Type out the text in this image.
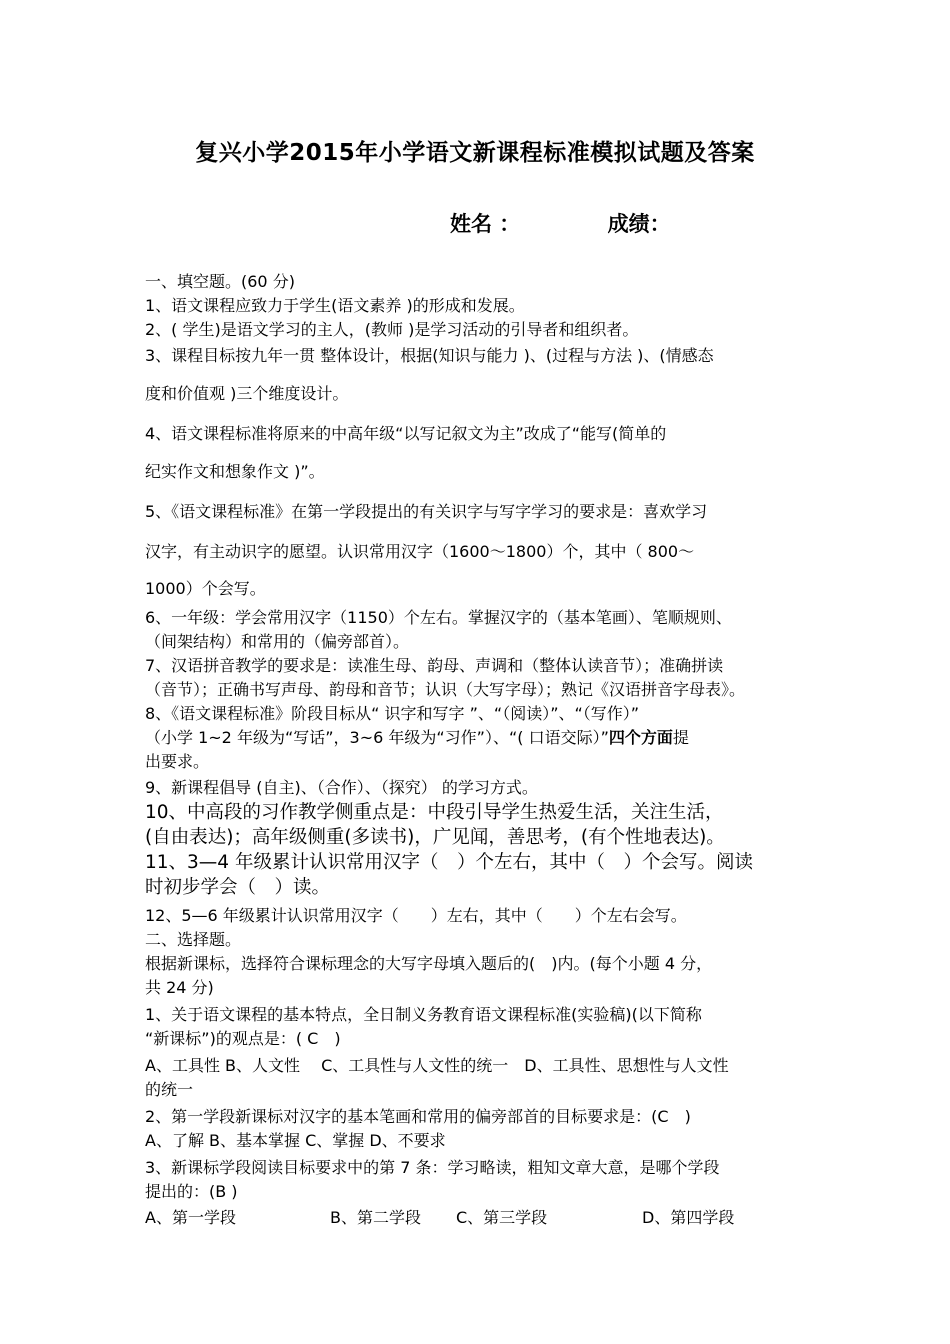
复兴小学2015年小学语文新课程标准模拟试题及答案
姓名 ：	成绩：
一、填空题。(60 分)
1、语文课程应致力于学生(语文素养 )的形成和发展。
2、( 学生)是语文学习的主人，(教师 )是学习活动的引导者和组织者。
3、课程目标按九年一贯 整体设计，根据(知识与能力 )、(过程与方法 )、(情感态
度和价值观 )三个维度设计。
4、语文课程标准将原来的中高年级“以写记叙文为主”改成了“能写(简单的
纪实作文和想象作文 )”。
5、《语文课程标准》在第一学段提出的有关识字与写字学习的要求是：喜欢学习
汉字，有主动识字的愿望。认识常用汉字（1600～1800）个，其中（ 800～
1000）个会写。
6、一年级：学会常用汉字（1150）个左右。掌握汉字的（基本笔画）、笔顺规则、
（间架结构）和常用的（偏旁部首）。
7、汉语拼音教学的要求是：读准生母、韵母、声调和（整体认读音节）；准确拼读
（音节）；正确书写声母、韵母和音节；认识（大写字母）；熟记《汉语拼音字母表》。
8、《语文课程标准》阶段目标从“ 识字和写字 ”、“（阅读）”、“（写作）”
（小学 1~2 年级为“写话”，3~6 年级为“习作”）、“( 口语交际）”四个方面提
出要求。
9、新课程倡导 (自主)、（合作）、（探究） 的学习方式。
10、中高段的习作教学侧重点是：中段引导学生热爱生活，关注生活，
(自由表达)；高年级侧重(多读书)，广见闻，善思考，(有个性地表达)。
11、3—4 年级累计认识常用汉字（　）个左右，其中（　）个会写。阅读
时初步学会（　）读。
12、5—6 年级累计认识常用汉字（　　）左右，其中（　　）个左右会写。
二、选择题。
根据新课标，选择符合课标理念的大写字母填入题后的(　)内。(每个小题 4 分，
共 24 分)
1、关于语文课程的基本特点，全日制义务教育语文课程标准(实验稿)(以下简称
“新课标”)的观点是：( C　)
A、工具性 B、人文性　 C、工具性与人文性的统一　D、工具性、思想性与人文性
的统一
2、第一学段新课标对汉字的基本笔画和常用的偏旁部首的目标要求是：(C　)
A、了解 B、基本掌握 C、掌握 D、不要求
3、新课标学段阅读目标要求中的第 7 条：学习略读，粗知文章大意，是哪个学段
提出的：(B )
A、第一学段	B、第二学段 C、第三学段	D、第四学段
